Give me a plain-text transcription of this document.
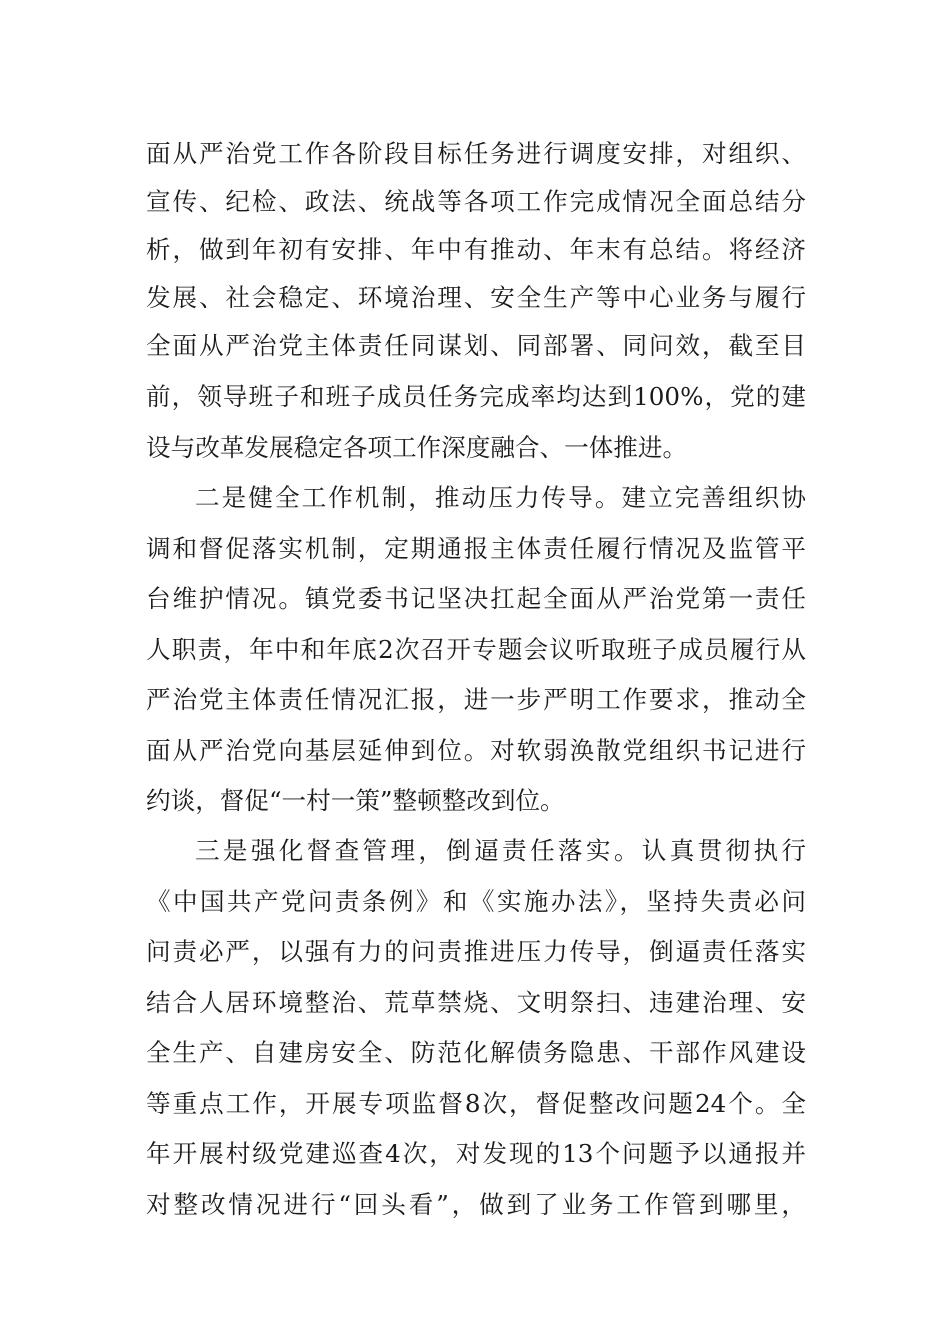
面从严治党工作各阶段目标任务进行调度安排，对组织、
宣传、纪检、政法、统战等各项工作完成情况全面总结分
析，做到年初有安排、年中有推动、年末有总结。将经济
发展、社会稳定、环境治理、安全生产等中心业务与履行
全面从严治党主体责任同谋划、同部署、同问效，截至目
前，领导班子和班子成员任务完成率均达到100%，党的建
设与改革发展稳定各项工作深度融合、一体推进。
二是健全工作机制，推动压力传导。建立完善组织协
调和督促落实机制，定期通报主体责任履行情况及监管平
台维护情况。镇党委书记坚决扛起全面从严治党第一责任
人职责，年中和年底2次召开专题会议听取班子成员履行从
严治党主体责任情况汇报，进一步严明工作要求，推动全
面从严治党向基层延伸到位。对软弱涣散党组织书记进行
约谈，督促“一村一策”整顿整改到位。
三是强化督查管理，倒逼责任落实。认真贯彻执行
《中国共产党问责条例》和《实施办法》，坚持失责必问
问责必严，以强有力的问责推进压力传导，倒逼责任落实
结合人居环境整治、荒草禁烧、文明祭扫、违建治理、安
全生产、自建房安全、防范化解债务隐患、干部作风建设
等重点工作，开展专项监督8次，督促整改问题24个。全
年开展村级党建巡查4次，对发现的13个问题予以通报并
对整改情况进行“回头看”，做到了业务工作管到哪里，
